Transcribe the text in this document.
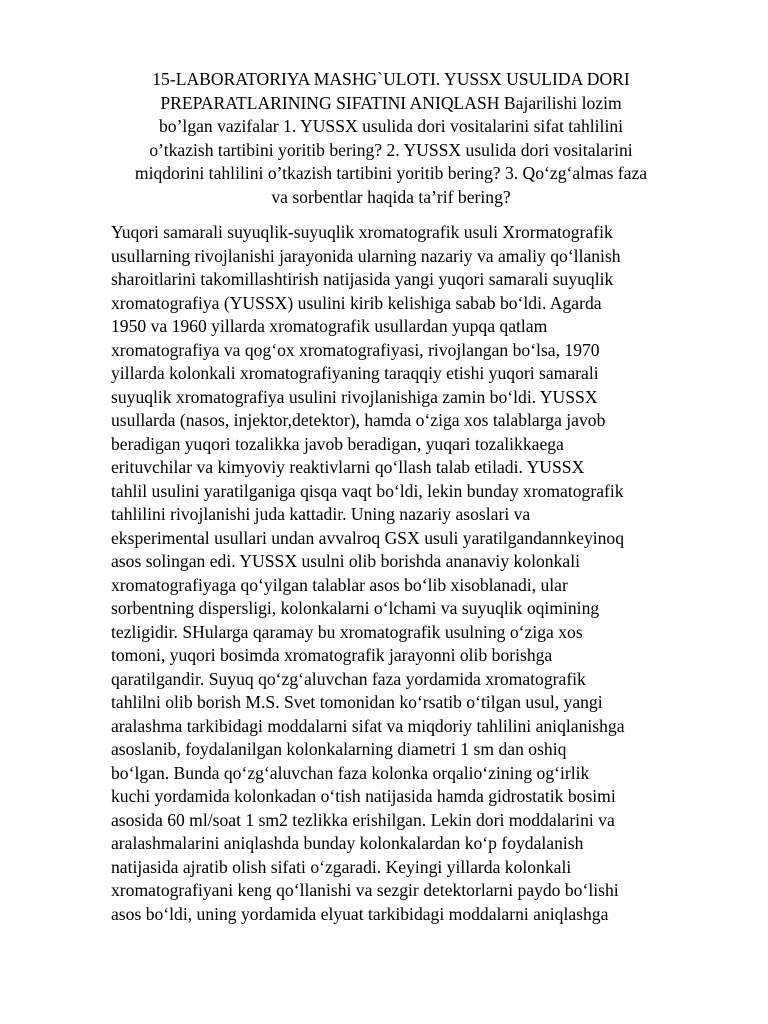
15-LABORATORIYA MASHG`ULOTI. YUSSX USULIDA DORI
PREPARATLARINING SIFATINI ANIQLASH Bajarilishi lozim
bo’lgan vazifalar 1. YUSSX usulida dori vositalarini sifat tahlilini
o’tkazish tartibini yoritib bering? 2. YUSSX usulida dori vositalarini
miqdorini tahlilini o’tkazish tartibini yoritib bering? 3. Qo‘zg‘almas faza
va sorbentlar haqida ta’rif bering?
Yuqori samarali suyuqlik-suyuqlik xromatografik usuli Xrormatografik
usullarning rivojlanishi jarayonida ularning nazariy va amaliy qo‘llanish
sharoitlarini takomillashtirish natijasida yangi yuqori samarali suyuqlik
xromatografiya (YUSSX) usulini kirib kelishiga sabab bo‘ldi. Agarda
1950 va 1960 yillarda xromatografik usullardan yupqa qatlam
xromatografiya va qog‘ox xromatografiyasi, rivojlangan bo‘lsa, 1970
yillarda kolonkali xromatografiyaning taraqqiy etishi yuqori samarali
suyuqlik xromatografiya usulini rivojlanishiga zamin bo‘ldi. YUSSX
usullarda (nasos, injektor,detektor), hamda o‘ziga xos talablarga javob
beradigan yuqori tozalikka javob beradigan, yuqari tozalikkaega
erituvchilar va kimyoviy reaktivlarni qo‘llash talab etiladi. YUSSX
tahlil usulini yaratilganiga qisqa vaqt bo‘ldi, lekin bunday xromatografik
tahlilini rivojlanishi juda kattadir. Uning nazariy asoslari va
eksperimental usullari undan avvalroq GSX usuli yaratilgandannkeyinoq
asos solingan edi. YUSSX usulni olib borishda ananaviy kolonkali
xromatografiyaga qo‘yilgan talablar asos bo‘lib xisoblanadi, ular
sorbentning dispersligi, kolonkalarni o‘lchami va suyuqlik oqimining
tezligidir. SHularga qaramay bu xromatografik usulning o‘ziga xos
tomoni, yuqori bosimda xromatografik jarayonni olib borishga
qaratilgandir. Suyuq qo‘zg‘aluvchan faza yordamida xromatografik
tahlilni olib borish M.S. Svet tomonidan ko‘rsatib o‘tilgan usul, yangi
aralashma tarkibidagi moddalarni sifat va miqdoriy tahlilini aniqlanishga
asoslanib, foydalanilgan kolonkalarning diametri 1 sm dan oshiq
bo‘lgan. Bunda qo‘zg‘aluvchan faza kolonka orqalio‘zining og‘irlik
kuchi yordamida kolonkadan o‘tish natijasida hamda gidrostatik bosimi
asosida 60 ml/soat 1 sm2 tezlikka erishilgan. Lekin dori moddalarini va
aralashmalarini aniqlashda bunday kolonkalardan ko‘p foydalanish
natijasida ajratib olish sifati o‘zgaradi. Keyingi yillarda kolonkali
xromatografiyani keng qo‘llanishi va sezgir detektorlarni paydo bo‘lishi
asos bo‘ldi, uning yordamida elyuat tarkibidagi moddalarni aniqlashga
